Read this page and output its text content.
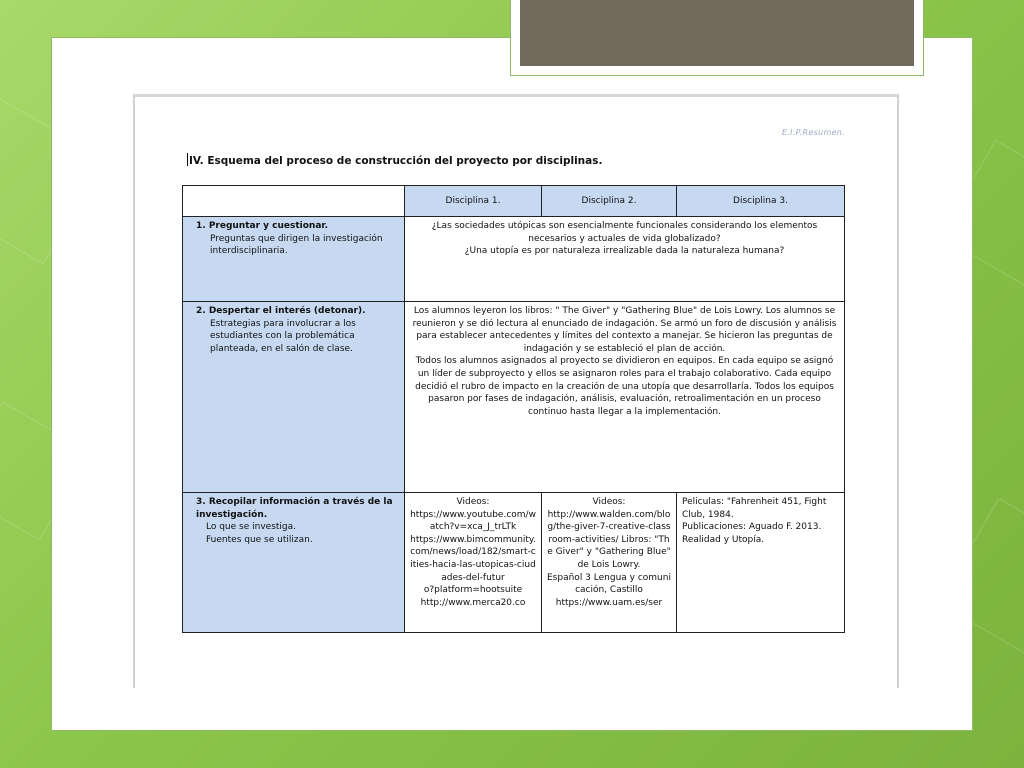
E.I.P.Resumen.
IV. Esquema del proceso de construcción del proyecto por disciplinas.
	Disciplina 1.	Disciplina 2.	Disciplina 3.

1. Preguntar y cuestionar.
Preguntas que dirigen la investigación interdisciplinaria.	¿Las sociedades utópicas son esencialmente funcionales considerando los elementos necesarios y actuales de vida globalizado?
¿Una utopía es por naturaleza irrealizable dada la naturaleza humana?		

2. Despertar el interés (detonar).
Estrategias para involucrar a los estudiantes con la problemática planteada, en el salón de clase.	Los alumnos leyeron los libros: " The Giver" y "Gathering Blue" de Lois Lowry. Los alumnos se reunieron y se dió lectura al enunciado de indagación. Se armó un foro de discusión y análisis para establecer antecedentes y límites del contexto a manejar. Se hicieron las preguntas de indagación y se estableció el plan de acción.
Todos los alumnos asignados al proyecto se dividieron en equipos. En cada equipo se asignó un líder de subproyecto y ellos se asignaron roles para el trabajo colaborativo. Cada equipo decidió el rubro de impacto en la creación de una utopía que desarrollaría. Todos los equipos pasaron por fases de indagación, análisis, evaluación, retroalimentación en un proceso continuo hasta llegar a la implementación.		

3. Recopilar información a través de la investigación.
Lo que se investiga.
Fuentes que se utilizan.	Videos:
https://www.youtube.com/watch?v=xca_J_trLTk
https://www.bimcommunity.com/news/load/182/smart-cities-hacia-las-utopicas-ciudades-del-futur
o?platform=hootsuite
http://www.merca20.co	Videos:
http://www.walden.com/blog/the-giver-7-creative-classroom-activities/ Libros: "The Giver" y "Gathering Blue" de Lois Lowry.
Español 3 Lengua y comunicación, Castillo
https://www.uam.es/ser	Peliculas: "Fahrenheit 451, Fight Club, 1984.
Publicaciones: Aguado F. 2013. Realidad y Utopía.
